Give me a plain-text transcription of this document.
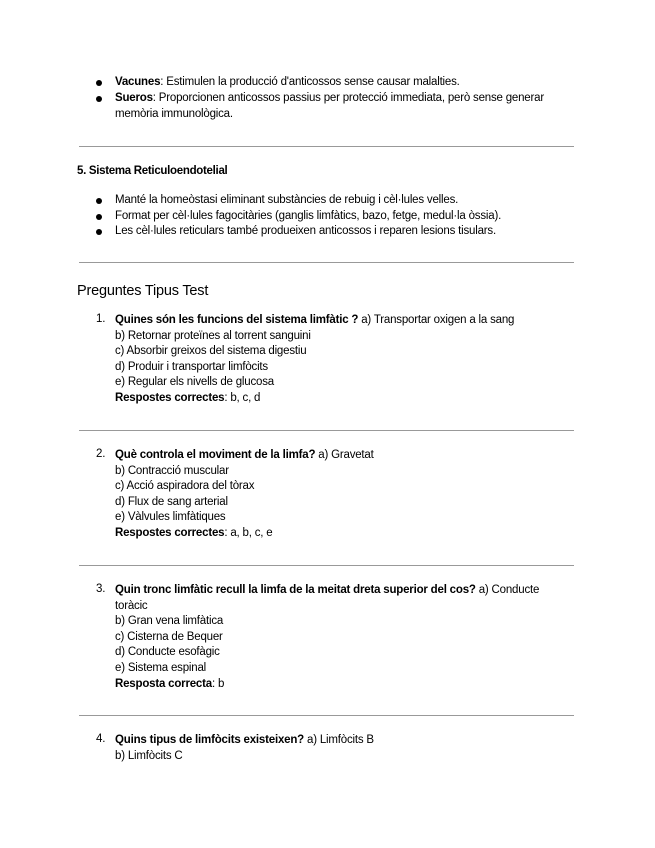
Vacunes: Estimulen la producció d'anticossos sense causar malalties.
Sueros: Proporcionen anticossos passius per protecció immediata, però sense generar
memòria immunològica.
5. Sistema Reticuloendotelial
Manté la homeòstasi eliminant substàncies de rebuig i cèl·lules velles.
Format per cèl·lules fagocitàries (ganglis limfàtics, bazo, fetge, medul·la òssia).
Les cèl·lules reticulars també produeixen anticossos i reparen lesions tisulars.
Preguntes Tipus Test
1. Quines són les funcions del sistema limfàtic ? a) Transportar oxigen a la sang
b) Retornar proteïnes al torrent sanguini
c) Absorbir greixos del sistema digestiu
d) Produir i transportar limfòcits
e) Regular els nivells de glucosa
Respostes correctes: b, c, d
2. Què controla el moviment de la limfa? a) Gravetat
b) Contracció muscular
c) Acció aspiradora del tòrax
d) Flux de sang arterial
e) Vàlvules limfàtiques
Respostes correctes: a, b, c, e
3. Quin tronc limfàtic recull la limfa de la meitat dreta superior del cos? a) Conducte
toràcic
b) Gran vena limfàtica
c) Cisterna de Bequer
d) Conducte esofàgic
e) Sistema espinal
Resposta correcta: b
4. Quins tipus de limfòcits existeixen? a) Limfòcits B
b) Limfòcits C
